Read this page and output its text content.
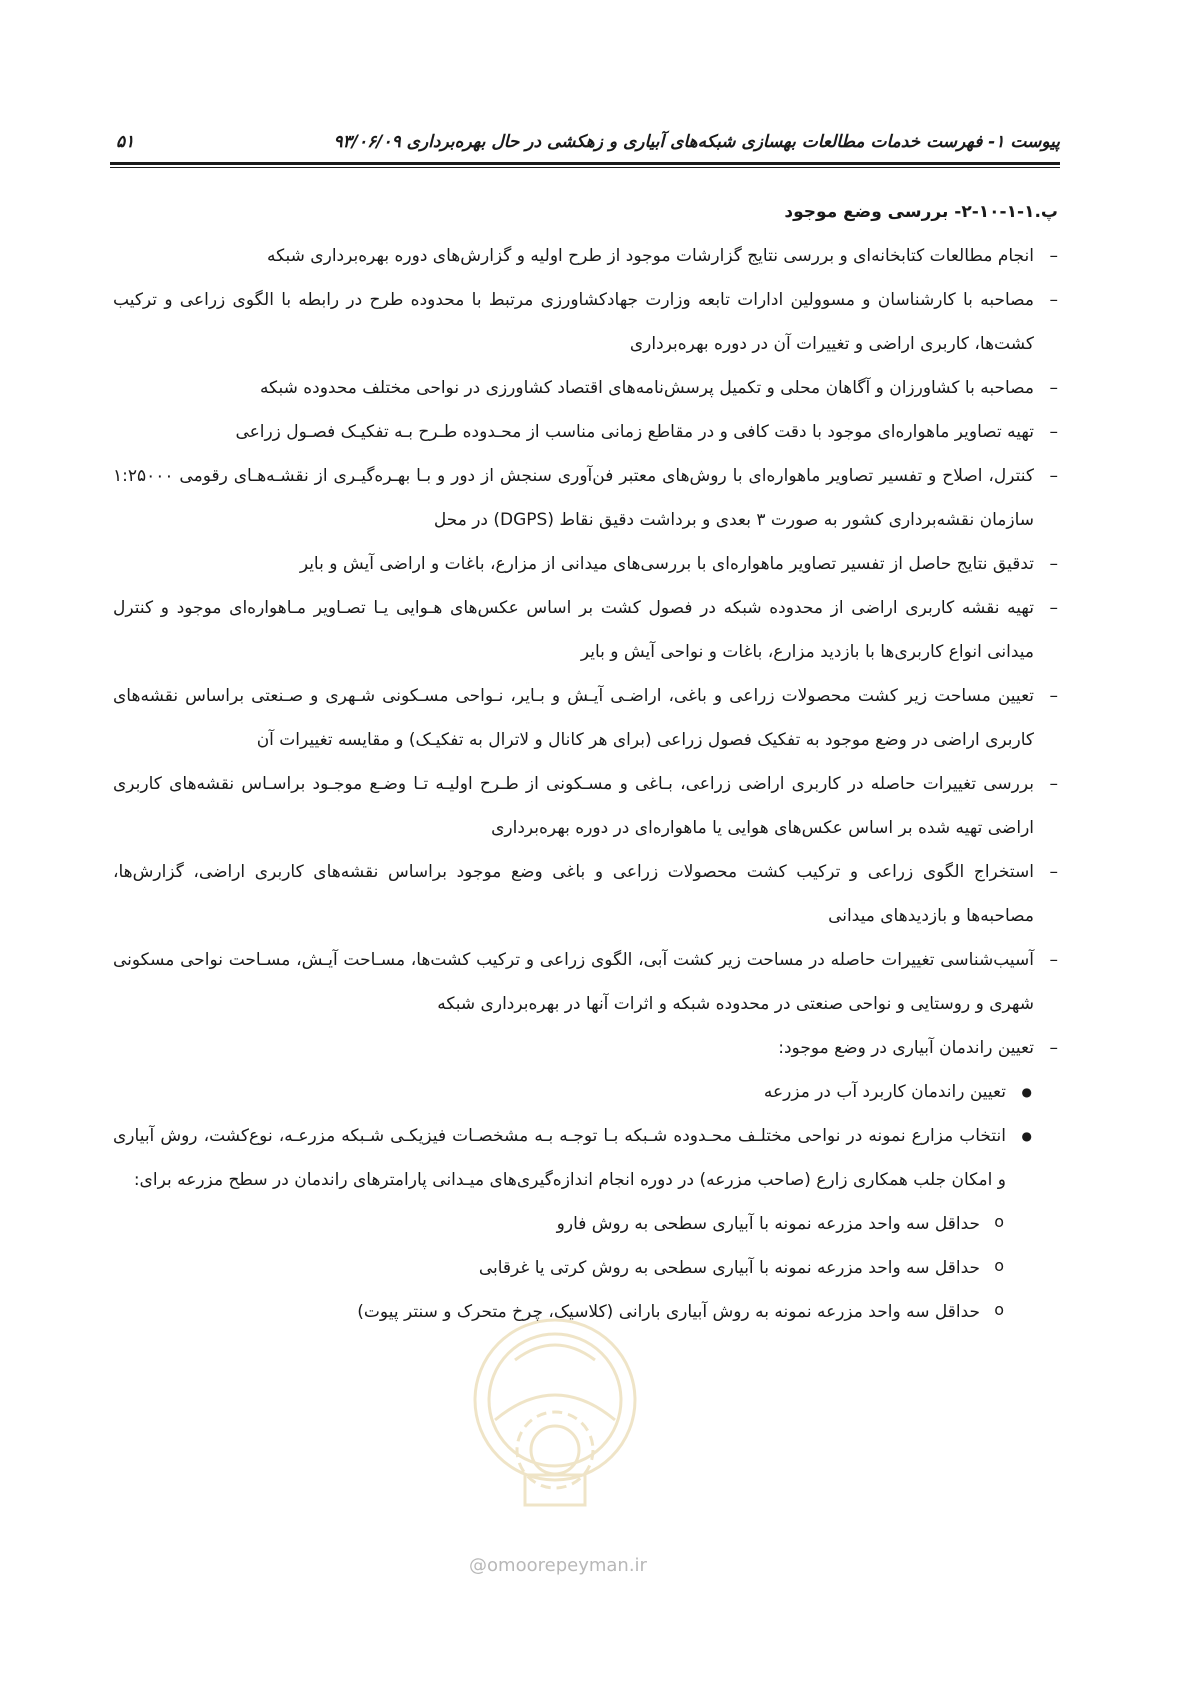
پیوست ۱- فهرست خدمات مطالعات بهسازی شبکه‌های آبیاری و زهکشی در حال بهره‌برداری ۹۳/۰۶/۰۹
۵۱
پ.۱-۱-۱۰-۲- بررسی وضع موجود
– انجام مطالعات کتابخانه‌ای و بررسی نتایج گزارشات موجود از طرح اولیه و گزارش‌های دوره بهره‌برداری شبکه
– مصاحبه با کارشناسان و مسوولین ادارات تابعه وزارت جهادکشاورزی مرتبط با محدوده طرح در رابطه با الگوی زراعی و ترکیب کشت‌ها، کاربری اراضی و تغییرات آن در دوره بهره‌برداری
– مصاحبه با کشاورزان و آگاهان محلی و تکمیل پرسش‌نامه‌های اقتصاد کشاورزی در نواحی مختلف محدوده شبکه
– تهیه تصاویر ماهواره‌ای موجود با دقت کافی و در مقاطع زمانی مناسب از محـدوده طـرح بـه تفکیـک فصـول زراعی
– کنترل، اصلاح و تفسیر تصاویر ماهواره‌ای با روش‌های معتبر فن‌آوری سنجش از دور و بـا بهـره‌گیـری از نقشـه‌هـای رقومی ۱:۲۵۰۰۰ سازمان نقشه‌برداری کشور به صورت ۳ بعدی و برداشت دقیق نقاط (DGPS) در محل
– تدقیق نتایج حاصل از تفسیر تصاویر ماهواره‌ای با بررسی‌های میدانی از مزارع، باغات و اراضی آیش و بایر
– تهیه نقشه کاربری اراضی از محدوده شبکه در فصول کشت بر اساس عکس‌های هـوایی یـا تصـاویر مـاهواره‌ای موجود و کنترل میدانی انواع کاربری‌ها با بازدید مزارع، باغات و نواحی آیش و بایر
– تعیین مساحت زیر کشت محصولات زراعی و باغی، اراضـی آیـش و بـایر، نـواحی مسـکونی شـهری و صـنعتی براساس نقشه‌های کاربری اراضی در وضع موجود به تفکیک فصول زراعی (برای هر کانال و لاترال به تفکیـک) و مقایسه تغییرات آن
– بررسی تغییرات حاصله در کاربری اراضی زراعی، بـاغی و مسـکونی از طـرح اولیـه تـا وضـع موجـود براسـاس نقشه‌های کاربری اراضی تهیه شده بر اساس عکس‌های هوایی یا ماهواره‌ای در دوره بهره‌برداری
– استخراج الگوی زراعی و ترکیب کشت محصولات زراعی و باغی وضع موجود براساس نقشه‌های کاربری اراضی، گزارش‌ها، مصاحبه‌ها و بازدیدهای میدانی
– آسیب‌شناسی تغییرات حاصله در مساحت زیر کشت آبی، الگوی زراعی و ترکیب کشت‌ها، مسـاحت آیـش، مسـاحت نواحی مسکونی شهری و روستایی و نواحی صنعتی در محدوده شبکه و اثرات آنها در بهره‌برداری شبکه
– تعیین راندمان آبیاری در وضع موجود:
● تعیین راندمان کاربرد آب در مزرعه
● انتخاب مزارع نمونه در نواحی مختلـف محـدوده شـبکه بـا توجـه بـه مشخصـات فیزیکـی شـبکه مزرعـه، نوع‌کشت، روش آبیاری و امکان جلب همکاری زارع (صاحب مزرعه) در دوره انجام اندازه‌گیری‌های میـدانی پارامترهای راندمان در سطح مزرعه برای:
o حداقل سه واحد مزرعه نمونه با آبیاری سطحی به روش فارو
o حداقل سه واحد مزرعه نمونه با آبیاری سطحی به روش کرتی یا غرقابی
o حداقل سه واحد مزرعه نمونه به روش آبیاری بارانی (کلاسیک، چرخ متحرک و سنتر پیوت)
@omoorepeyman.ir
